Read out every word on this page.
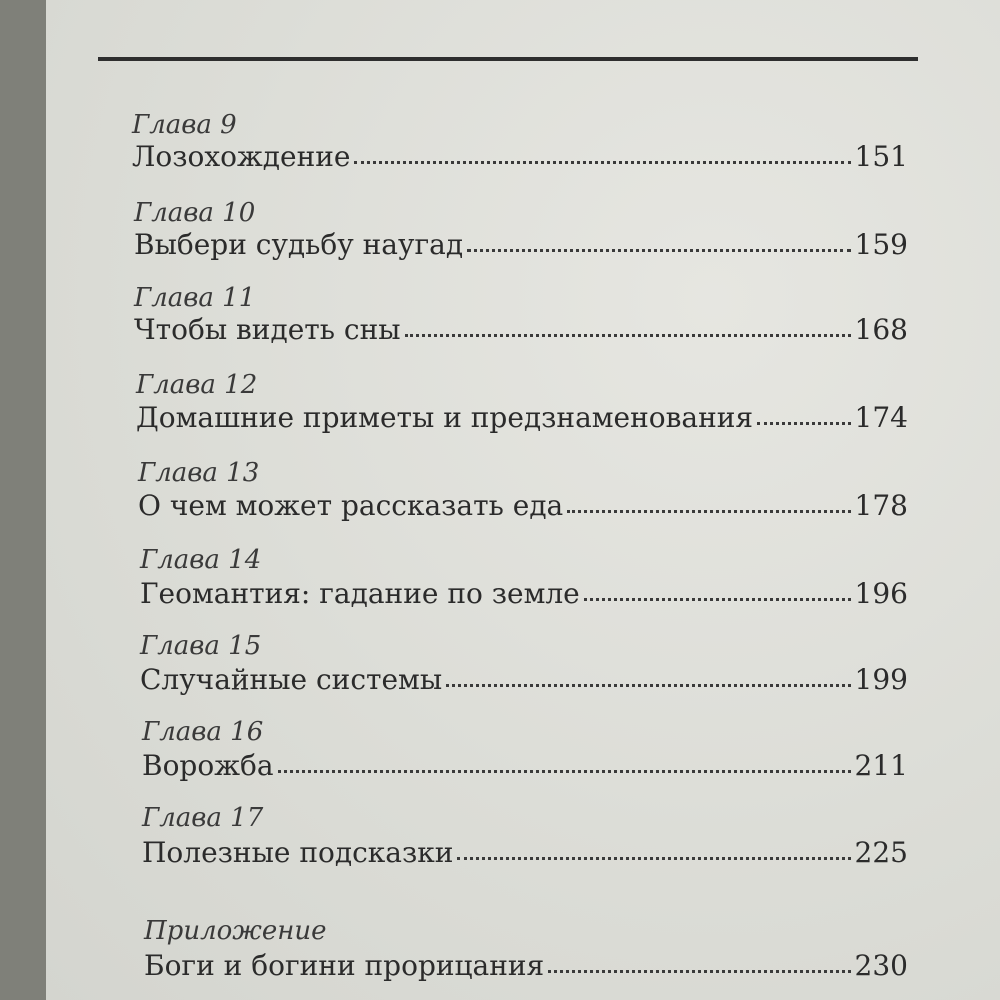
Глава 9
Лозохождение	151
Глава 10
Выбери судьбу наугад	159
Глава 11
Чтобы видеть сны	168
Глава 12
Домашние приметы и предзнаменования	174
Глава 13
О чем может рассказать еда	178
Глава 14
Геомантия: гадание по земле	196
Глава 15
Случайные системы	199
Глава 16
Ворожба	211
Глава 17
Полезные подсказки	225
Приложение
Боги и богини прорицания	230
